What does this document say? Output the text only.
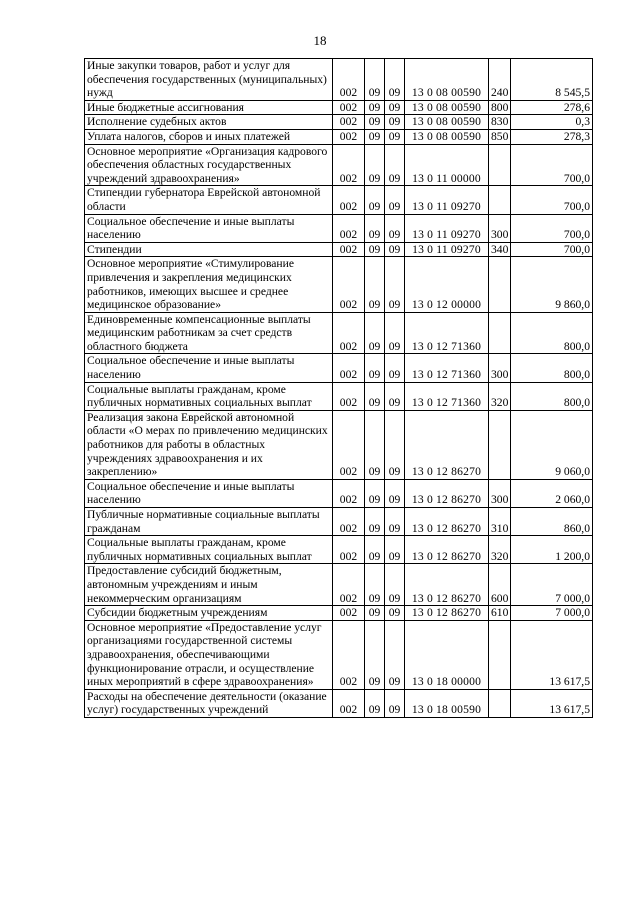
18
Иные закупки товаров, работ и услуг для обеспечения государственных (муниципальных) нужд	002	09	09	13 0 08 00590	240	8 545,5
Иные бюджетные ассигнования	002	09	09	13 0 08 00590	800	278,6
Исполнение судебных актов	002	09	09	13 0 08 00590	830	0,3
Уплата налогов, сборов и иных платежей	002	09	09	13 0 08 00590	850	278,3
Основное мероприятие «Организация кадрового обеспечения областных государственных учреждений здравоохранения»	002	09	09	13 0 11 00000		700,0
Стипендии губернатора Еврейской автономной области	002	09	09	13 0 11 09270		700,0
Социальное обеспечение и иные выплаты населению	002	09	09	13 0 11 09270	300	700,0
Стипендии	002	09	09	13 0 11 09270	340	700,0
Основное мероприятие «Стимулирование привлечения и закрепления медицинских работников, имеющих высшее и среднее медицинское образование»	002	09	09	13 0 12 00000		9 860,0
Единовременные компенсационные выплаты медицинским работникам за счет средств областного бюджета	002	09	09	13 0 12 71360		800,0
Социальное обеспечение и иные выплаты населению	002	09	09	13 0 12 71360	300	800,0
Социальные выплаты гражданам, кроме публичных нормативных социальных выплат	002	09	09	13 0 12 71360	320	800,0
Реализация закона Еврейской автономной области «О мерах по привлечению медицинских работников для работы в областных учреждениях здравоохранения и их закреплению»	002	09	09	13 0 12 86270		9 060,0
Социальное обеспечение и иные выплаты населению	002	09	09	13 0 12 86270	300	2 060,0
Публичные нормативные социальные выплаты гражданам	002	09	09	13 0 12 86270	310	860,0
Социальные выплаты гражданам, кроме публичных нормативных социальных выплат	002	09	09	13 0 12 86270	320	1 200,0
Предоставление субсидий бюджетным, автономным учреждениям и иным некоммерческим организациям	002	09	09	13 0 12 86270	600	7 000,0
Субсидии бюджетным учреждениям	002	09	09	13 0 12 86270	610	7 000,0
Основное мероприятие «Предоставление услуг организациями государственной системы здравоохранения, обеспечивающими функционирование отрасли, и осуществление иных мероприятий в сфере здравоохранения»	002	09	09	13 0 18 00000		13 617,5
Расходы на обеспечение деятельности (оказание услуг) государственных учреждений	002	09	09	13 0 18 00590		13 617,5
